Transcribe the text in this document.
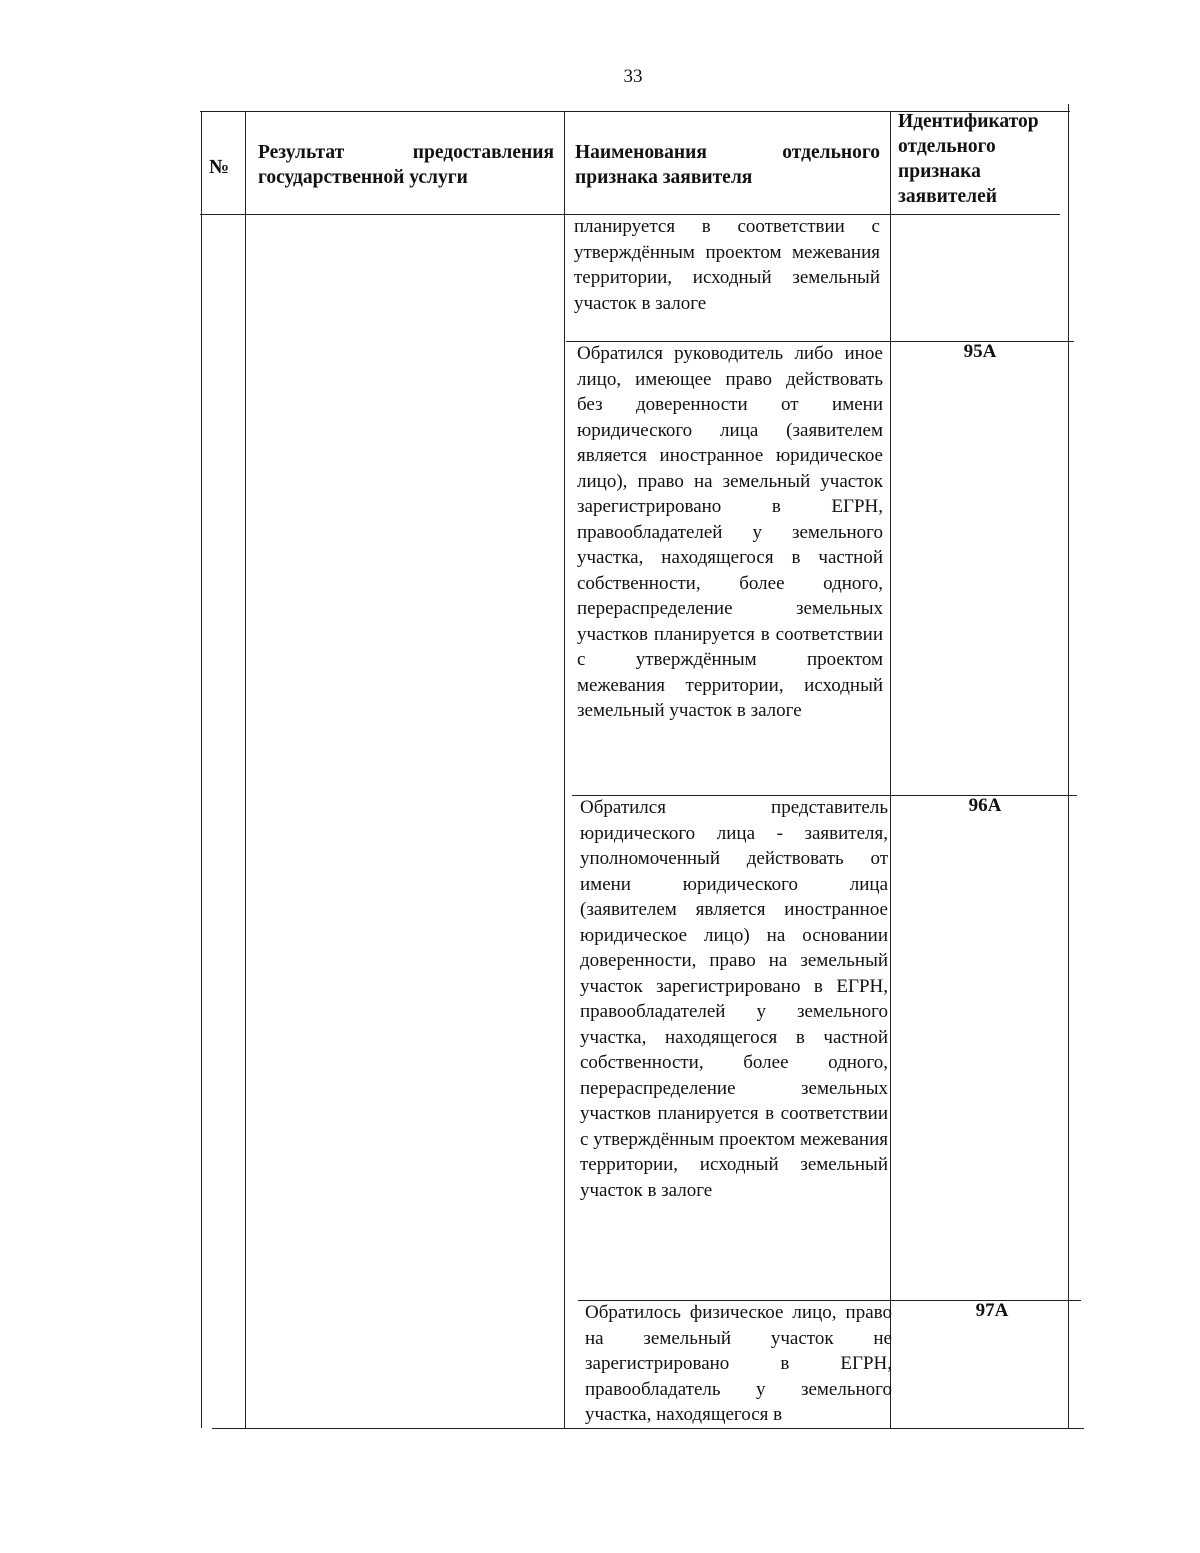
33
№
Результат предоставления государственной услуги
Наименования отдельного признака заявителя
Идентификатор отдельного признака заявителей
планируется в соответствии с утверждённым проектом межевания территории, исходный земельный участок в залоге
Обратился руководитель либо иное лицо, имеющее право действовать без доверенности от имени юридического лица (заявителем является иностранное юридическое лицо), право на земельный участок зарегистрировано в ЕГРН, правообладателей у земельного участка, находящегося в частной собственности, более одного, перераспределение земельных участков планируется в соответствии с утверждённым проектом межевания территории, исходный земельный участок в залоге
95А
Обратился представитель юридического лица - заявителя, уполномоченный действовать от имени юридического лица (заявителем является иностранное юридическое лицо) на основании доверенности, право на земельный участок зарегистрировано в ЕГРН, правообладателей у земельного участка, находящегося в частной собственности, более одного, перераспределение земельных участков планируется в соответствии с утверждённым проектом межевания территории, исходный земельный участок в залоге
96А
Обратилось физическое лицо, право на земельный участок не зарегистрировано в ЕГРН, правообладатель у земельного участка, находящегося в
97А
